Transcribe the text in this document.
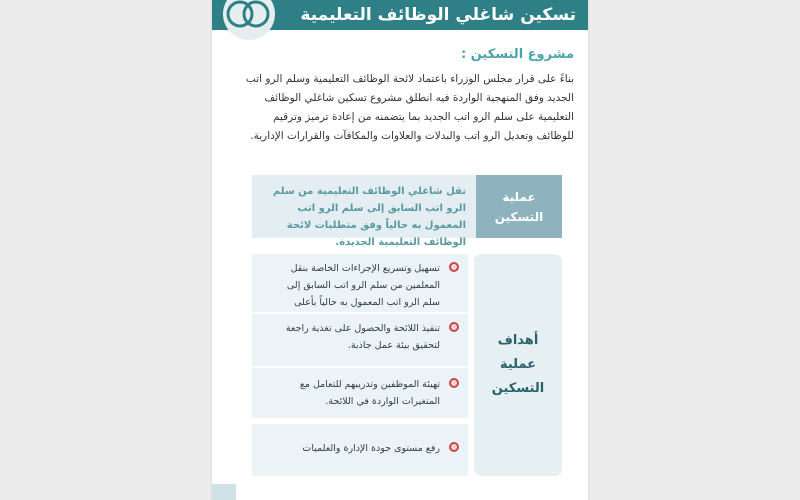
تسكين شاغلي الوظائف التعليمية
مشروع التسكين :
بناءً على قرار مجلس الوزراء باعتماد لائحة الوظائف التعليمية وسلم الرو اتب الجديد وفق المنهجية الواردة فيه انطلق مشروع تسكين شاغلي الوظائف التعليمية على سلم الرو اتب الجديد بما يتضمنه من إعادة ترميز وترقيم للوظائف وتعديل الرو اتب والبدلات والعلاوات والمكافآت والقرارات الإدارية.
عملية
التسكين
نقل شاغلي الوظائف التعليمية من سلم الرو اتب السابق إلى سلم الرو اتب المعمول به حالياً وفق متطلبات لائحة الوظائف التعليمية الجديدة.
أهداف
عملية
التسكين
تسهيل وتسريع الإجراءات الخاصة بنقل المعلمين من سلم الرو اتب السابق إلى سلم الرو اتب المعمول به حالياً بأعلى
تنفيذ اللائحة والحصول على تغذية راجعة لتحقيق بيئة عمل جاذبة.
تهيئة الموظفين وتدريبهم للتعامل مع المتغيرات الواردة في اللائحة.
رفع مستوى جودة الإدارة والعلميات
